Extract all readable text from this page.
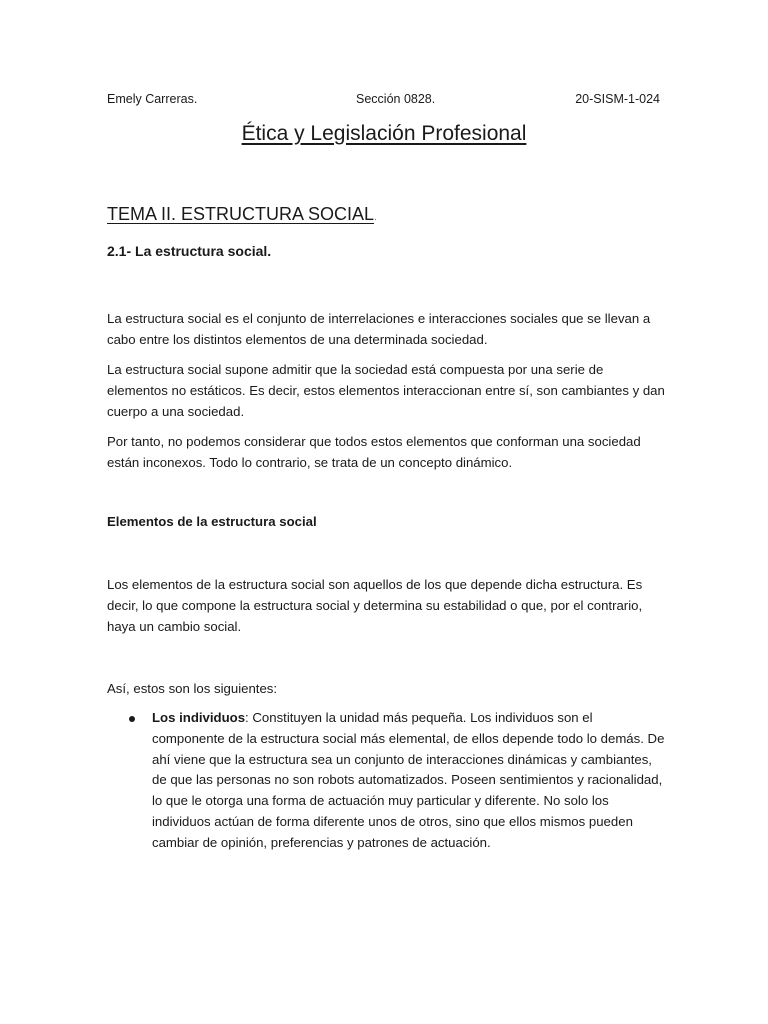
Emely Carreras.	Sección 0828.	20-SISM-1-024
Ética y Legislación Profesional
TEMA II. ESTRUCTURA SOCIAL.
2.1- La estructura social.

La estructura social es el conjunto de interrelaciones e interacciones sociales que se llevan a cabo entre los distintos elementos de una determinada sociedad.

La estructura social supone admitir que la sociedad está compuesta por una serie de elementos no estáticos. Es decir, estos elementos interaccionan entre sí, son cambiantes y dan cuerpo a una sociedad.

Por tanto, no podemos considerar que todos estos elementos que conforman una sociedad están inconexos. Todo lo contrario, se trata de un concepto dinámico.

Elementos de la estructura social

Los elementos de la estructura social son aquellos de los que depende dicha estructura. Es decir, lo que compone la estructura social y determina su estabilidad o que, por el contrario, haya un cambio social.

Así, estos son los siguientes:

Los individuos: Constituyen la unidad más pequeña. Los individuos son el componente de la estructura social más elemental, de ellos depende todo lo demás. De ahí viene que la estructura sea un conjunto de interacciones dinámicas y cambiantes, de que las personas no son robots automatizados. Poseen sentimientos y racionalidad, lo que le otorga una forma de actuación muy particular y diferente. No solo los individuos actúan de forma diferente unos de otros, sino que ellos mismos pueden cambiar de opinión, preferencias y patrones de actuación.
